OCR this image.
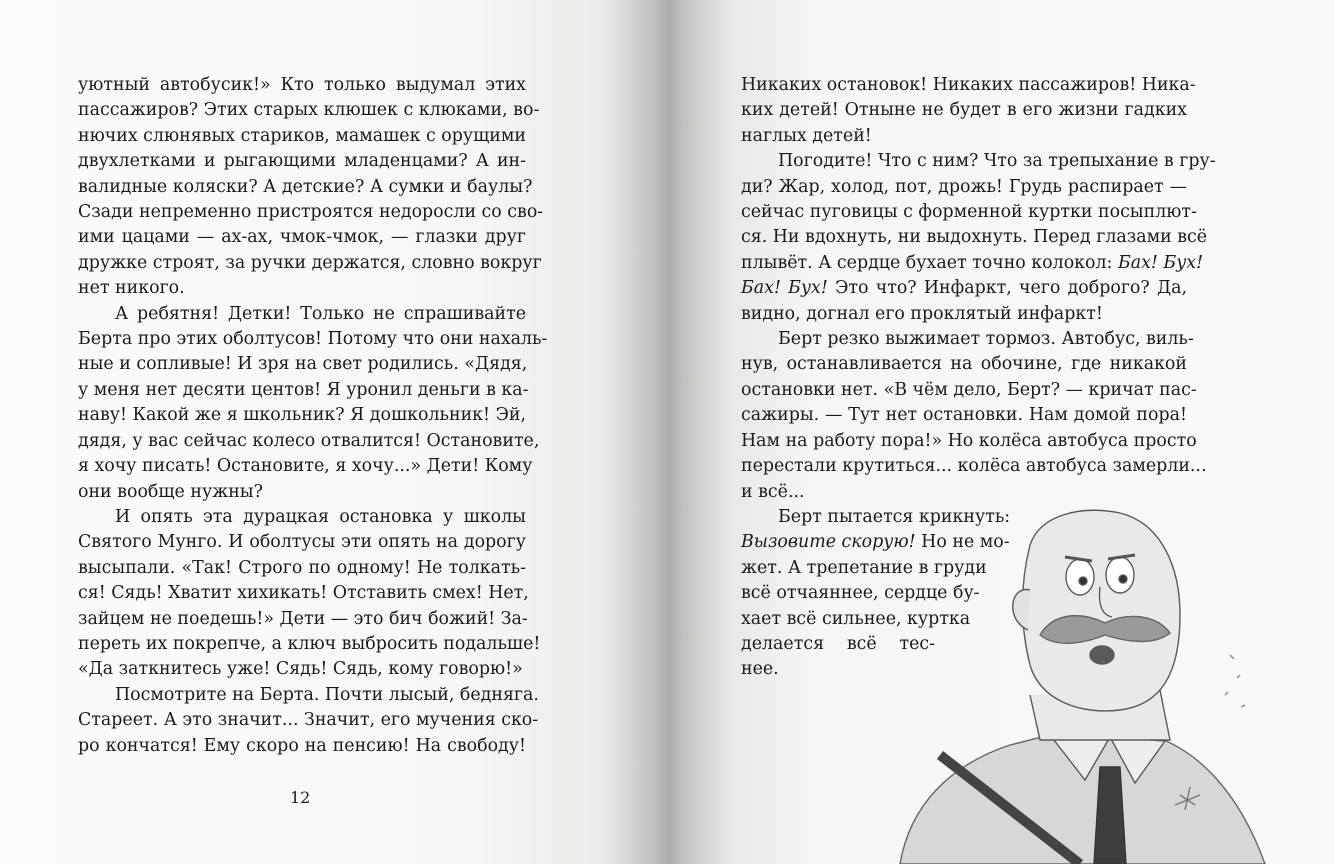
уютный автобусик!» Кто только выдумал этих
пассажиров? Этих старых клюшек с клюками, во-
нючих слюнявых стариков, мамашек с орущими
двухлетками и рыгающими младенцами? А ин-
валидные коляски? А детские? А сумки и баулы?
Сзади непременно пристроятся недоросли со сво-
ими цацами — ах-ах, чмок-чмок, — глазки друг
дружке строят, за ручки держатся, словно вокруг
нет никого.
А ребятня! Детки! Только не спрашивайте
Берта про этих оболтусов! Потому что они нахаль-
ные и сопливые! И зря на свет родились. «Дядя,
у меня нет десяти центов! Я уронил деньги в ка-
наву! Какой же я школьник? Я дошкольник! Эй,
дядя, у вас сейчас колесо отвалится! Остановите,
я хочу писать! Остановите, я хочу...» Дети! Кому
они вообще нужны?
И опять эта дурацкая остановка у школы
Святого Мунго. И оболтусы эти опять на дорогу
высыпали. «Так! Строго по одному! Не толкать-
ся! Сядь! Хватит хихикать! Отставить смех! Нет,
зайцем не поедешь!» Дети — это бич божий! За-
переть их покрепче, а ключ выбросить подальше!
«Да заткнитесь уже! Сядь! Сядь, кому говорю!»
Посмотрите на Берта. Почти лысый, бедняга.
Стареет. А это значит... Значит, его мучения ско-
ро кончатся! Ему скоро на пенсию! На свободу!
12
Никаких остановок! Никаких пассажиров! Ника-
ких детей! Отныне не будет в его жизни гадких
наглых детей!
Погодите! Что с ним? Что за трепыхание в гру-
ди? Жар, холод, пот, дрожь! Грудь распирает —
сейчас пуговицы с форменной куртки посыплют-
ся. Ни вдохнуть, ни выдохнуть. Перед глазами всё
плывёт. А сердце бухает точно колокол: Бах! Бух!
Бах! Бух! Это что? Инфаркт, чего доброго? Да,
видно, догнал его проклятый инфаркт!
Берт резко выжимает тормоз. Автобус, виль-
нув, останавливается на обочине, где никакой
остановки нет. «В чём дело, Берт? — кричат пас-
сажиры. — Тут нет остановки. Нам домой пора!
Нам на работу пора!» Но колёса автобуса просто
перестали крутиться... колёса автобуса замерли...
и всё...
Берт пытается крикнуть:
Вызовите скорую! Но не мо-
жет. А трепетание в груди
всё отчаяннее, сердце бу-
хает всё сильнее, куртка
делается всё тес-
нее.
